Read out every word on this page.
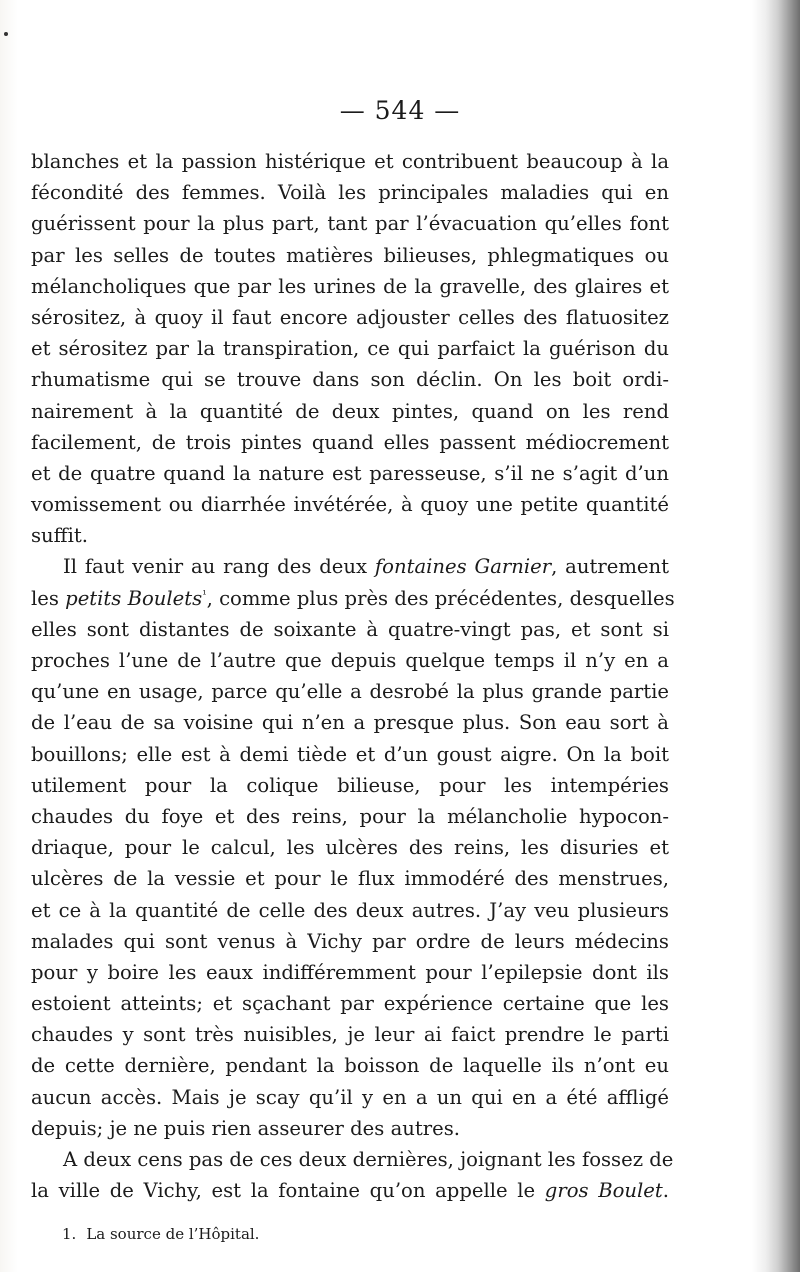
— 544 —
blanches et la passion histérique et contribuent beaucoup à la
fécondité des femmes. Voilà les principales maladies qui en
guérissent pour la plus part, tant par l’évacuation qu’elles font
par les selles de toutes matières bilieuses, phlegmatiques ou
mélancholiques que par les urines de la gravelle, des glaires et
sérositez, à quoy il faut encore adjouster celles des flatuositez
et sérositez par la transpiration, ce qui parfaict la guérison du
rhumatisme qui se trouve dans son déclin. On les boit ordi-
nairement à la quantité de deux pintes, quand on les rend
facilement, de trois pintes quand elles passent médiocrement
et de quatre quand la nature est paresseuse, s’il ne s’agit d’un
vomissement ou diarrhée invétérée, à quoy une petite quantité
suffit.
Il faut venir au rang des deux fontaines Garnier, autrement
les petits Boulets$^{^1}$, comme plus près des précédentes, desquelles
elles sont distantes de soixante à quatre-vingt pas, et sont si
proches l’une de l’autre que depuis quelque temps il n’y en a
qu’une en usage, parce qu’elle a desrobé la plus grande partie
de l’eau de sa voisine qui n’en a presque plus. Son eau sort à
bouillons; elle est à demi tiède et d’un goust aigre. On la boit
utilement pour la colique bilieuse, pour les intempéries
chaudes du foye et des reins, pour la mélancholie hypocon-
driaque, pour le calcul, les ulcères des reins, les disuries et
ulcères de la vessie et pour le flux immodéré des menstrues,
et ce à la quantité de celle des deux autres. J’ay veu plusieurs
malades qui sont venus à Vichy par ordre de leurs médecins
pour y boire les eaux indifféremment pour l’epilepsie dont ils
estoient atteints; et sçachant par expérience certaine que les
chaudes y sont très nuisibles, je leur ai faict prendre le parti
de cette dernière, pendant la boisson de laquelle ils n’ont eu
aucun accès. Mais je scay qu’il y en a un qui en a été affligé
depuis; je ne puis rien asseurer des autres.
A deux cens pas de ces deux dernières, joignant les fossez de
la ville de Vichy, est la fontaine qu’on appelle le gros Boulet.
1. La source de l’Hôpital.
